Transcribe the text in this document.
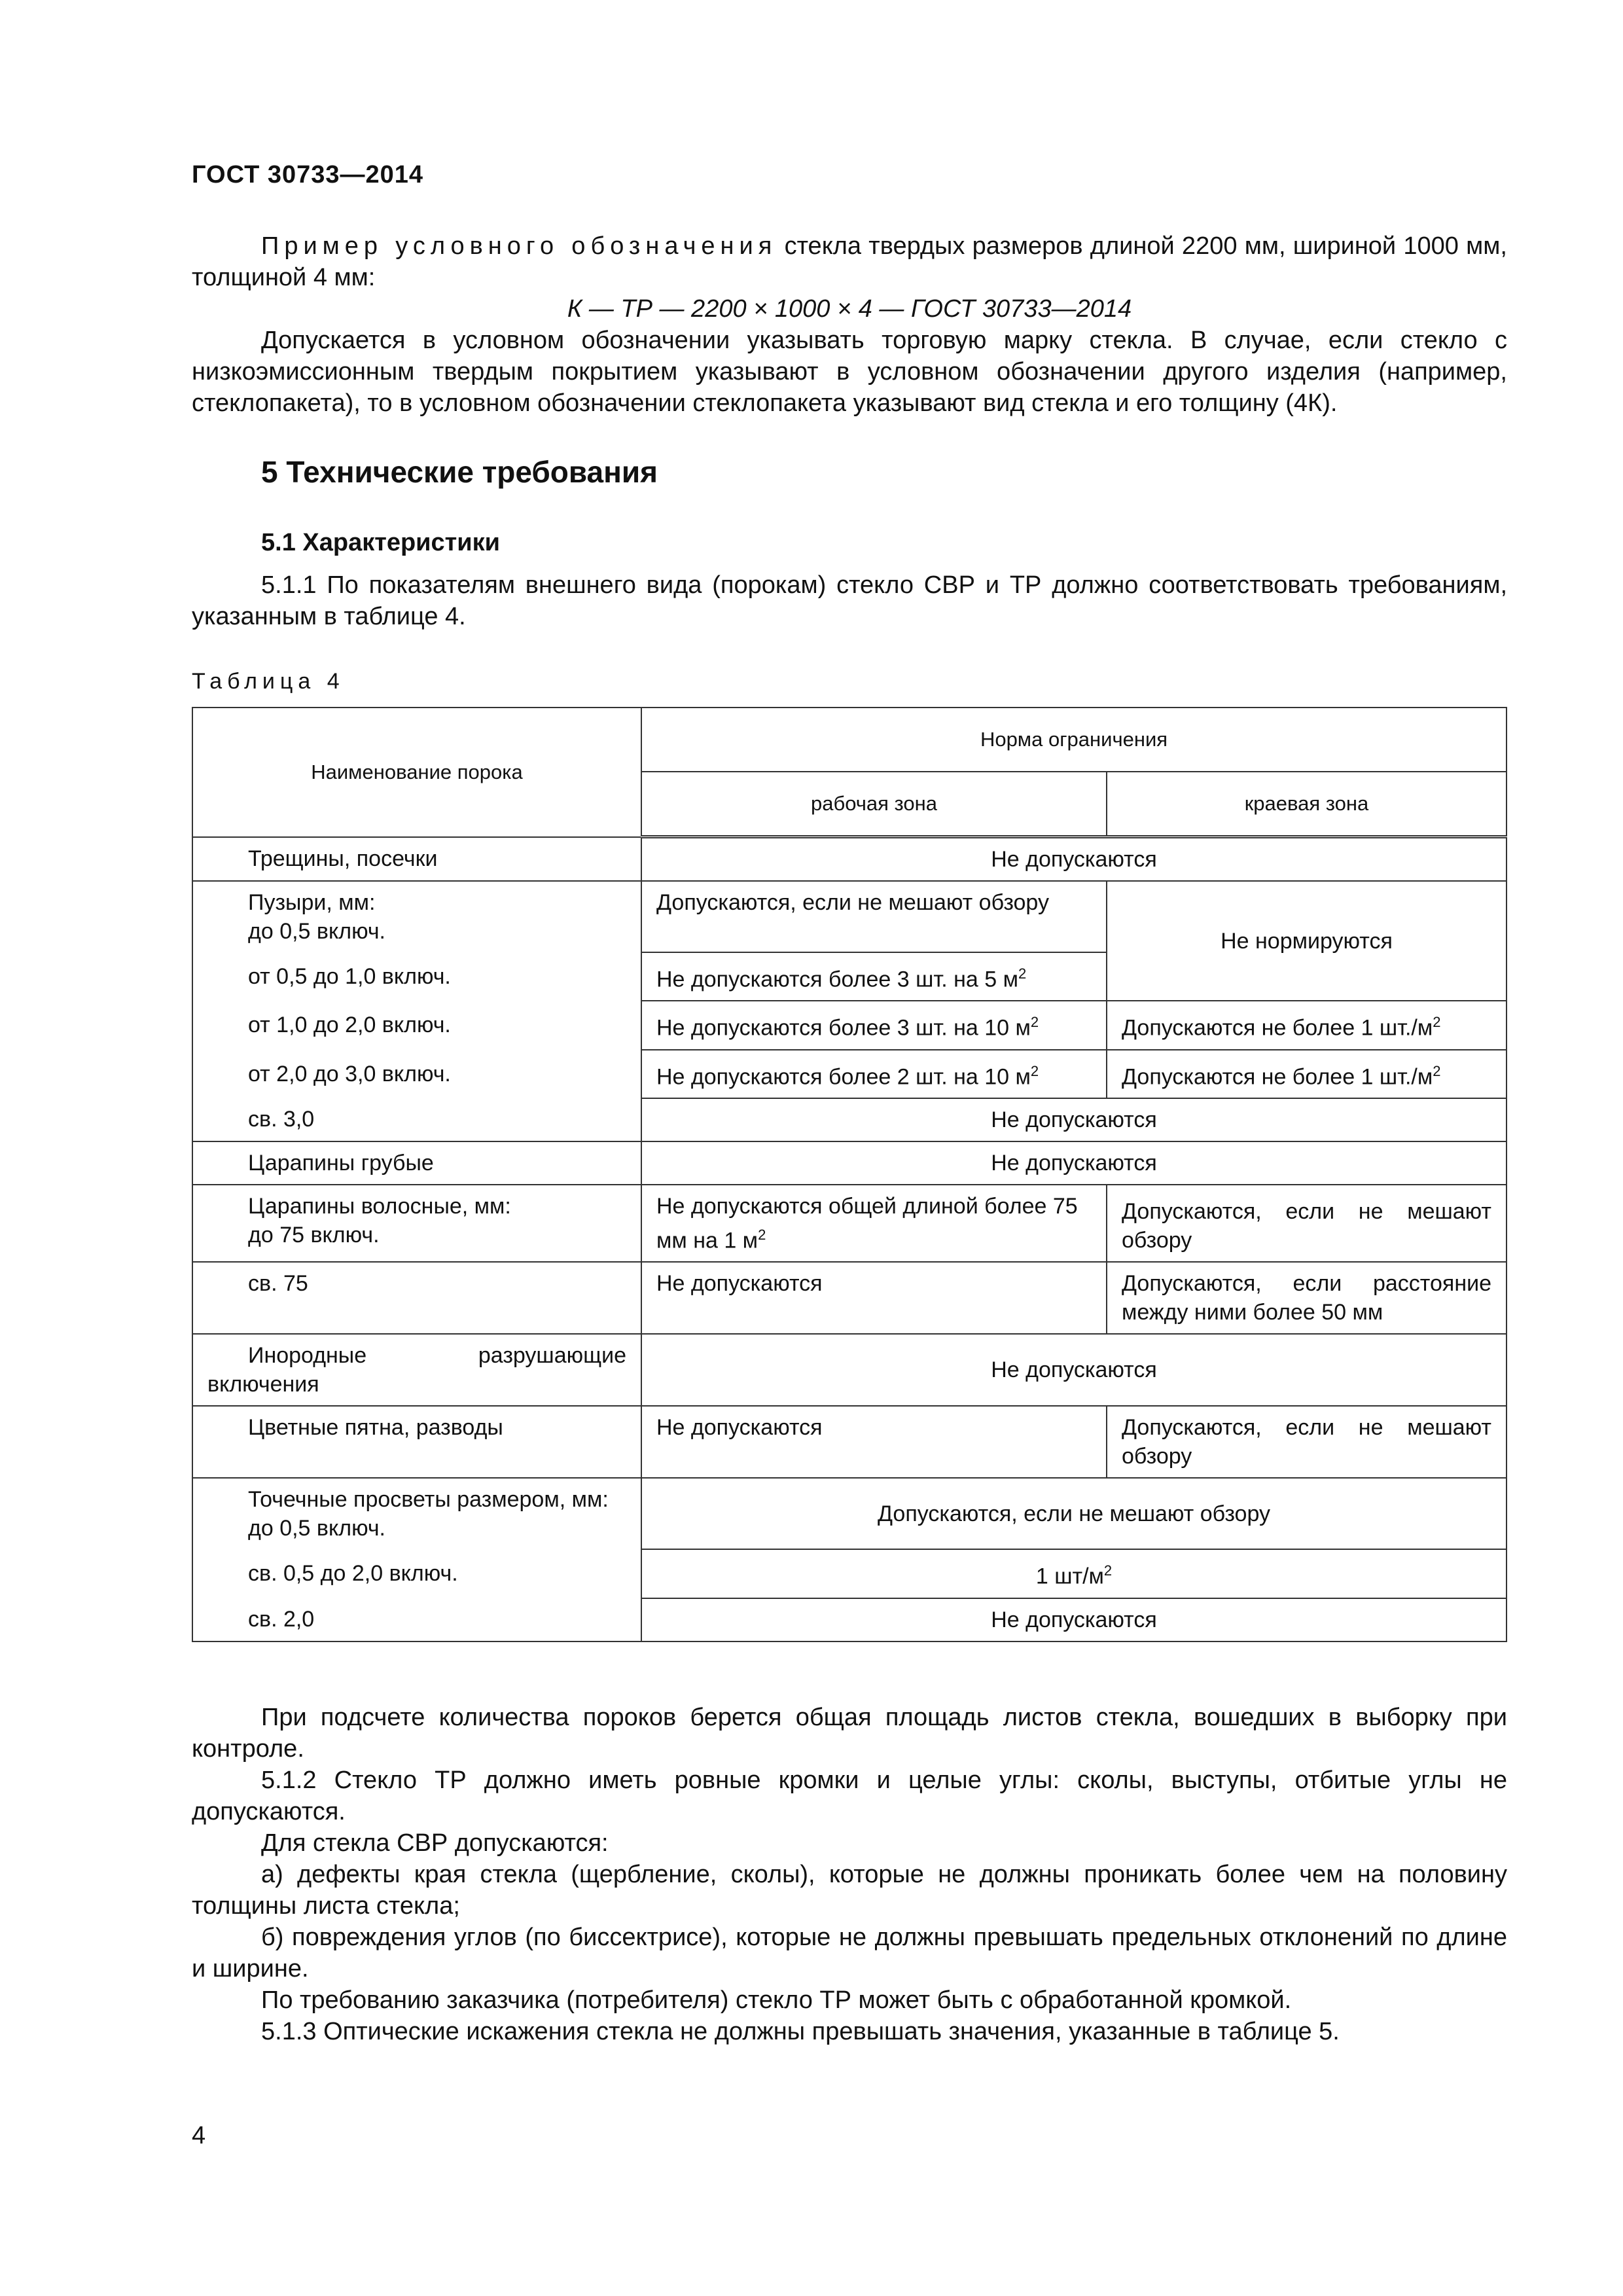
ГОСТ 30733—2014

Пример условного обозначения стекла твердых размеров длиной 2200 мм, шириной 1000 мм, толщиной 4 мм:

К — ТР — 2200 × 1000 × 4 — ГОСТ 30733—2014

Допускается в условном обозначении указывать торговую марку стекла. В случае, если стекло с низкоэмиссионным твердым покрытием указывают в условном обозначении другого изделия (например, стеклопакета), то в условном обозначении стеклопакета указывают вид стекла и его толщину (4К).

5 Технические требования
5.1 Характеристики

5.1.1 По показателям внешнего вида (порокам) стекло СВР и ТР должно соответствовать требованиям, указанным в таблице 4.

Таблица 4
Наименование порока	Норма ограничения	
	рабочая зона	краевая зона
Трещины, посечки	Не допускаются	

Пузыри, мм:
до 0,5 включ.	Допускаются, если не мешают обзору	Не нормируются
от 0,5 до 1,0 включ.	Не допускаются более 3 шт. на 5 $м^2$
от 1,0 до 2,0 включ.	Не допускаются более 3 шт. на 10 $м^2$	Допускаются не более 1 $шт./м^2$
от 2,0 до 3,0 включ.	Не допускаются более 2 шт. на 10 $м^2$	Допускаются не более 1 $шт./м^2$
св. 3,0	Не допускаются	
Царапины грубые	Не допускаются	

Царапины волосные, мм:
до 75 включ.	Не допускаются общей длиной более 75 мм на 1 $м^2$	Допускаются, если не мешают обзору
св. 75	Не допускаются	Допускаются, если расстояние между ними более 50 мм
Инородные разрушающие включения	Не допускаются	
Цветные пятна, разводы	Не допускаются	Допускаются, если не мешают обзору

Точечные просветы размером, мм:
до 0,5 включ.	Допускаются, если не мешают обзору	
св. 0,5 до 2,0 включ.	1 $шт/м^2$
св. 2,0	Не допускаются	

При подсчете количества пороков берется общая площадь листов стекла, вошедших в выборку при контроле.

5.1.2 Стекло ТР должно иметь ровные кромки и целые углы: сколы, выступы, отбитые углы не допускаются.

Для стекла СВР допускаются:

а) дефекты края стекла (щербление, сколы), которые не должны проникать более чем на половину толщины листа стекла;

б) повреждения углов (по биссектрисе), которые не должны превышать предельных отклонений по длине и ширине.

По требованию заказчика (потребителя) стекло ТР может быть с обработанной кромкой.

5.1.3 Оптические искажения стекла не должны превышать значения, указанные в таблице 5.

4
